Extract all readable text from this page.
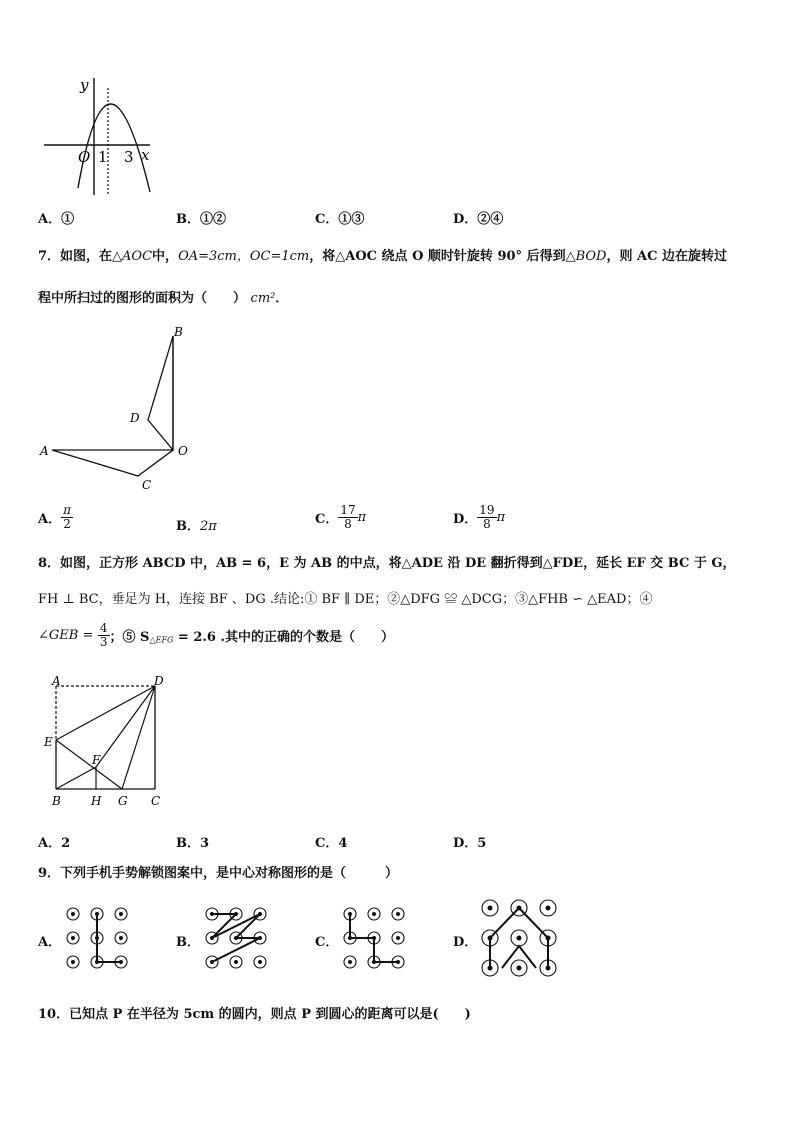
y
x
O 1 3
A．①	B．①②	C．①③	D．②④
7．如图，在△AOC中，OA=3cm，OC=1cm，将△AOC 绕点 O 顺时针旋转 90° 后得到△BOD，则 AC 边在旋转过
程中所扫过的图形的面积为（　　） cm²．
B
D
A	O
C
A． $\frac{\pi}{2}$	B．2π	C． $\frac{17}{8}$ π	D． $\frac{19}{8}$ π
8．如图，正方形 ABCD 中，AB = 6，E 为 AB 的中点，将△ADE 沿 DE 翻折得到△FDE，延长 EF 交 BC 于 G，
FH ⊥ BC，垂足为 H，连接 BF 、DG .结论:① BF ∥ DE；②△DFG ≌ △DCG；③△FHB ∽ △EAD；④
∠GEB = $\frac{4}{3}$ ；⑤ $S_{\triangle EFG} = 2.6$ .其中的正确的个数是（　　）
A	D
E
F
B	H G C
A．2	B．3	C．4	D．5
9．下列手机手势解锁图案中，是中心对称图形的是（　　　）
A．	B．	C．	D．
10．已知点 P 在半径为 5cm 的圆内，则点 P 到圆心的距离可以是(　　)
